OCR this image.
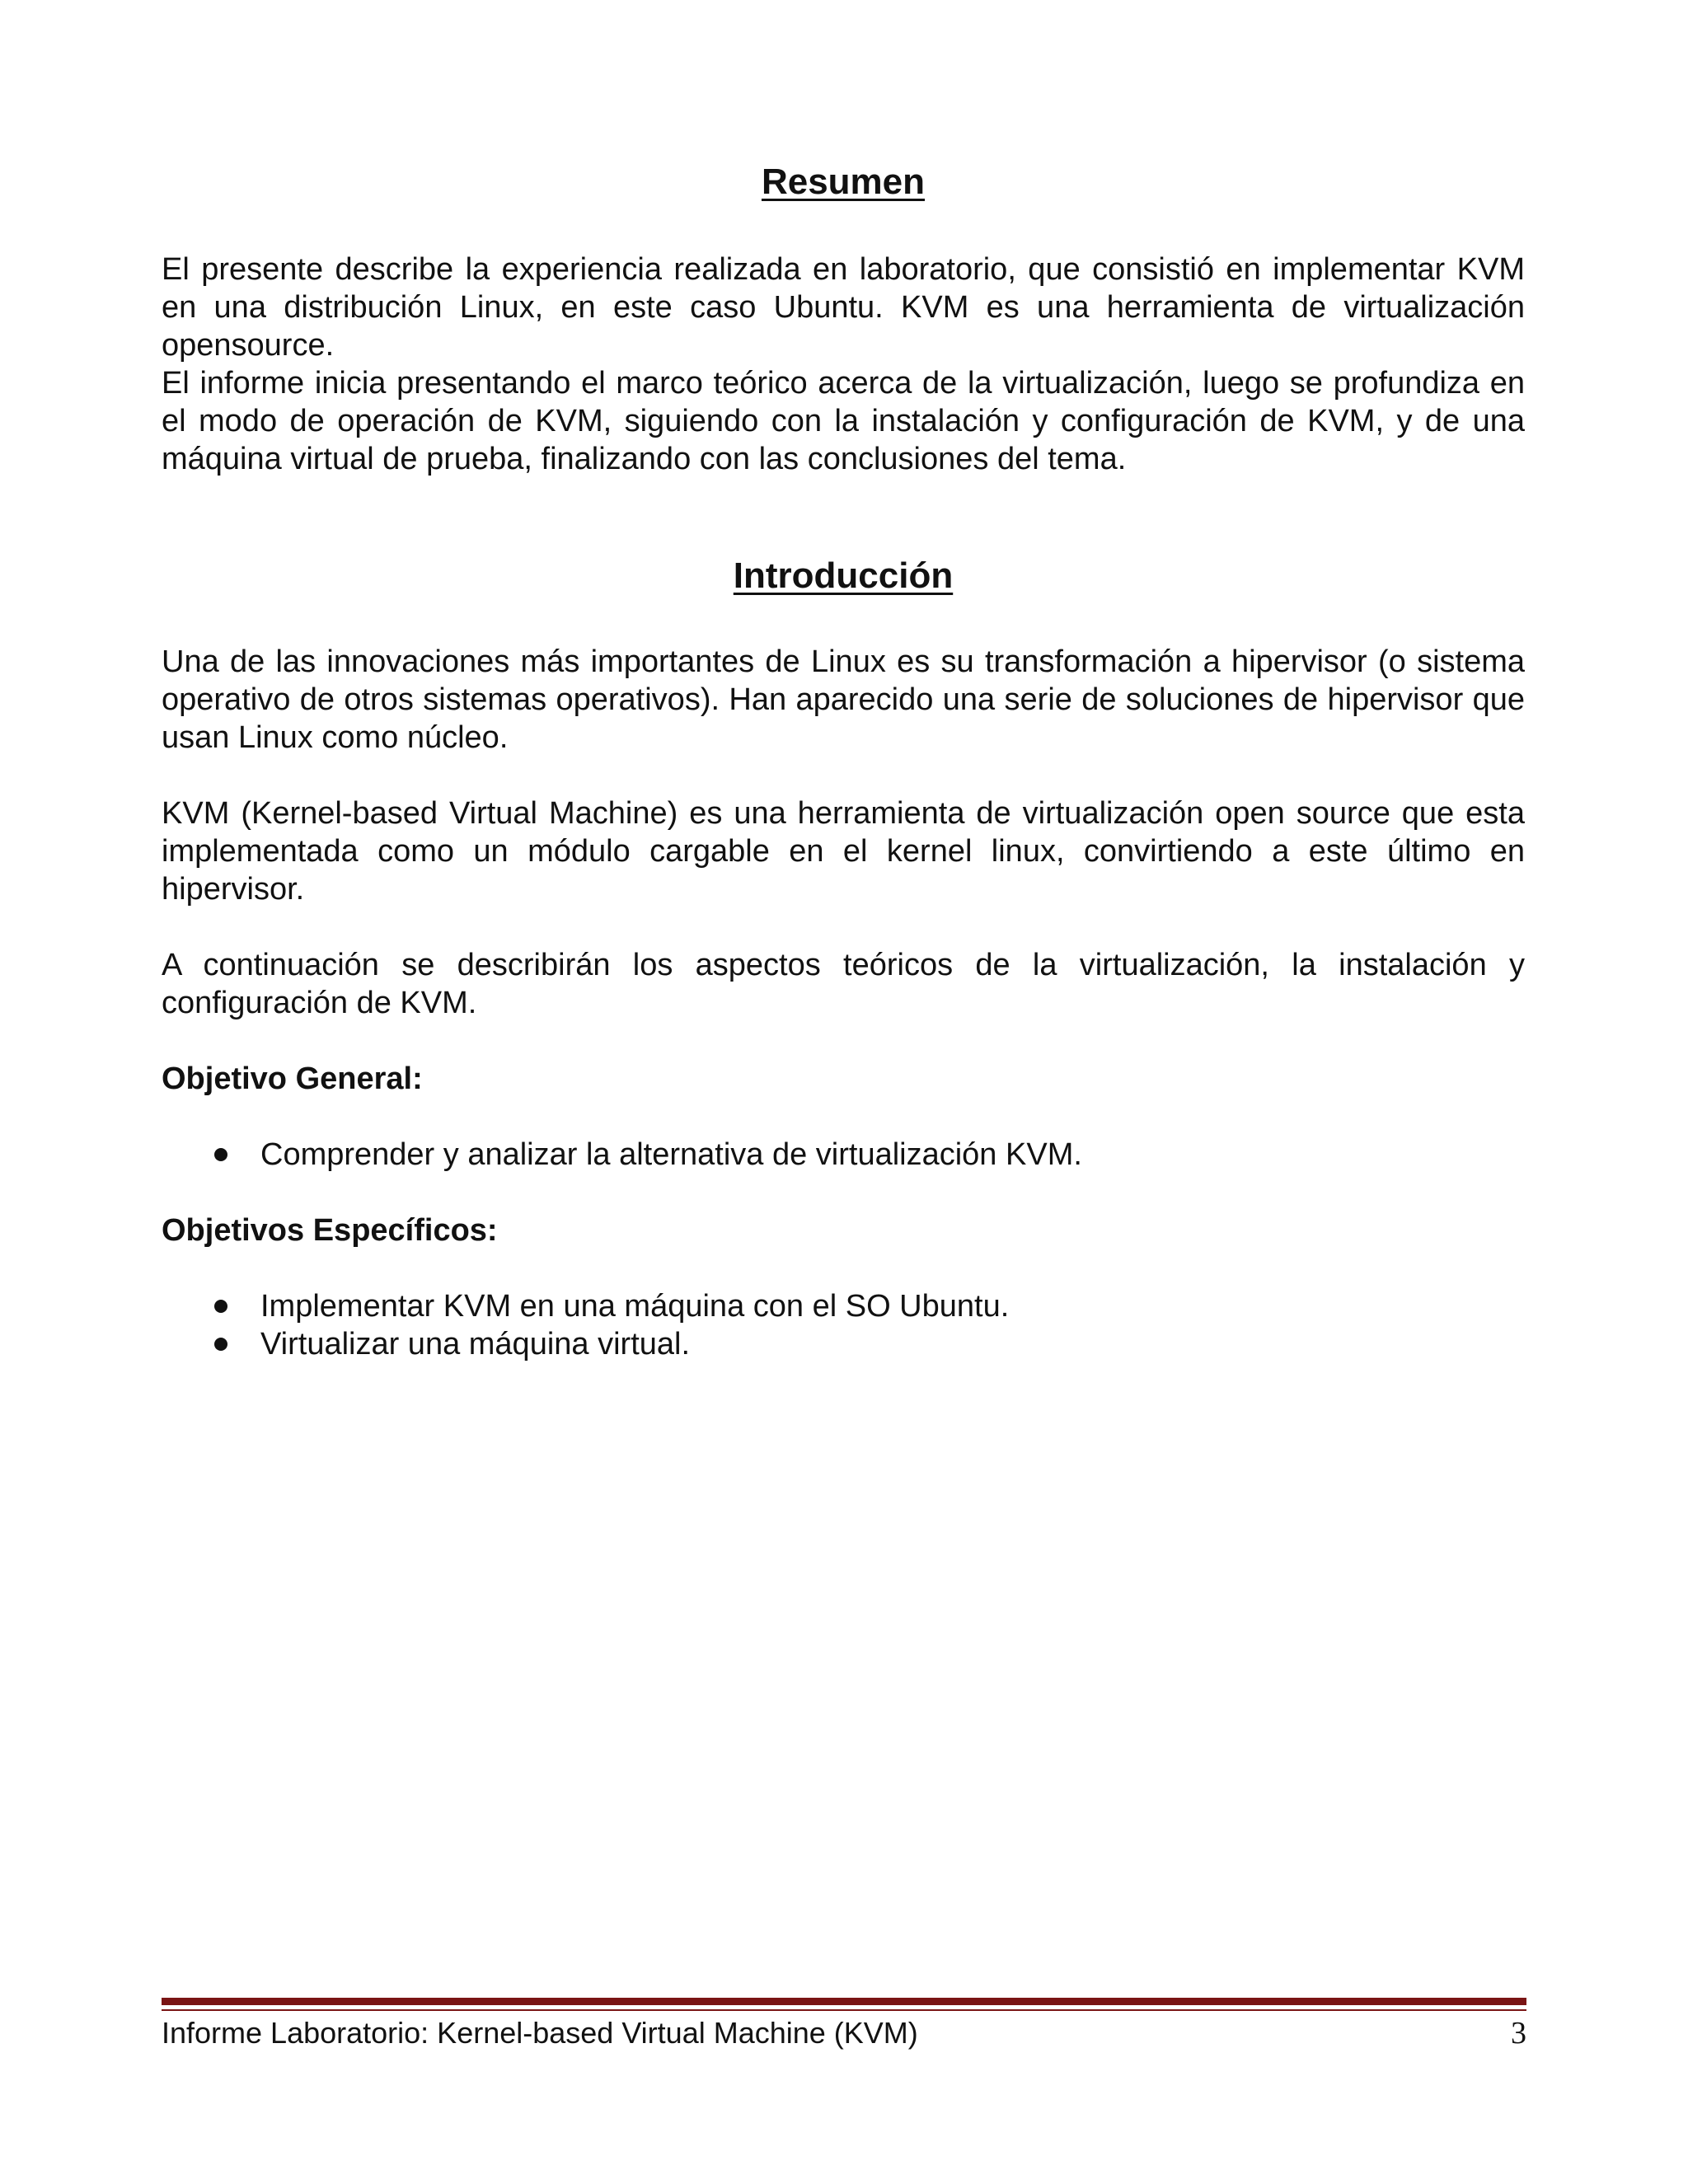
Resumen

El presente describe la experiencia realizada en laboratorio, que consistió en implementar KVM en una distribución Linux, en este caso Ubuntu. KVM es una herramienta de virtualización opensource.

El informe inicia presentando el marco teórico acerca de la virtualización, luego se profundiza en el modo de operación de KVM, siguiendo con la instalación y configuración de KVM, y de una máquina virtual de prueba, finalizando con las conclusiones del tema.

Introducción

Una de las innovaciones más importantes de Linux es su transformación a hipervisor (o sistema operativo de otros sistemas operativos). Han aparecido una serie de soluciones de hipervisor que usan Linux como núcleo.

KVM (Kernel-based Virtual Machine) es una herramienta de virtualización open source que esta implementada como un módulo cargable en el kernel linux, convirtiendo a este último en hipervisor.

A continuación se describirán los aspectos teóricos de la virtualización, la instalación y configuración de KVM.

Objetivo General:

Comprender y analizar la alternativa de virtualización KVM.

Objetivos Específicos:

Implementar KVM en una máquina con el SO Ubuntu.
Virtualizar una máquina virtual.
Informe Laboratorio: Kernel-based Virtual Machine (KVM)	3
